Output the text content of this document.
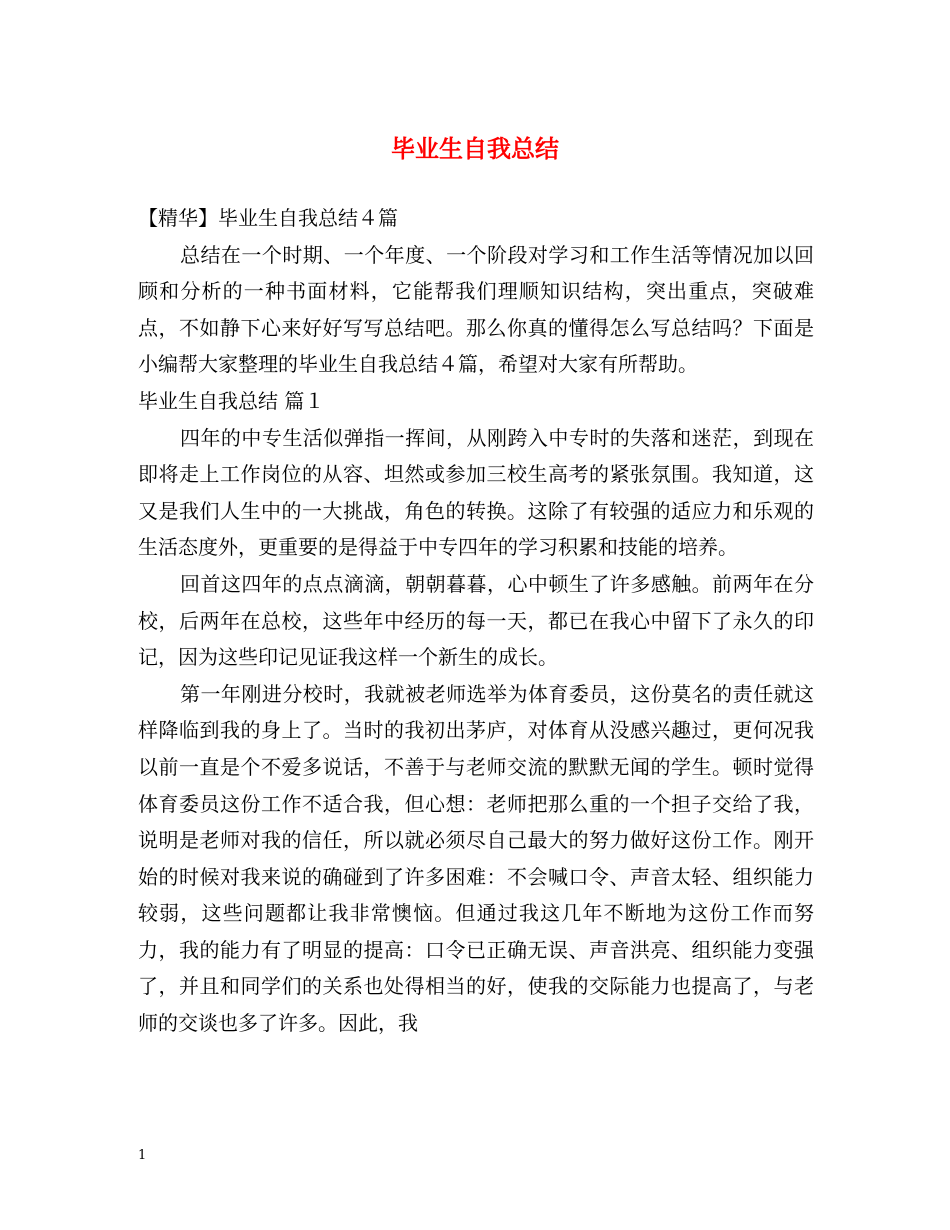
毕业生自我总结

【精华】毕业生自我总结４篇

总结在一个时期、一个年度、一个阶段对学习和工作生活等情况加以回顾和分析的一种书面材料，它能帮我们理顺知识结构，突出重点，突破难点，不如静下心来好好写写总结吧。那么你真的懂得怎么写总结吗？下面是小编帮大家整理的毕业生自我总结４篇，希望对大家有所帮助。

毕业生自我总结 篇１

四年的中专生活似弹指一挥间，从刚跨入中专时的失落和迷茫，到现在即将走上工作岗位的从容、坦然或参加三校生高考的紧张氛围。我知道，这又是我们人生中的一大挑战，角色的转换。这除了有较强的适应力和乐观的生活态度外，更重要的是得益于中专四年的学习积累和技能的培养。

回首这四年的点点滴滴，朝朝暮暮，心中顿生了许多感触。前两年在分校，后两年在总校，这些年中经历的每一天，都已在我心中留下了永久的印记，因为这些印记见证我这样一个新生的成长。

第一年刚进分校时，我就被老师选举为体育委员，这份莫名的责任就这样降临到我的身上了。当时的我初出茅庐，对体育从没感兴趣过，更何况我以前一直是个不爱多说话，不善于与老师交流的默默无闻的学生。顿时觉得体育委员这份工作不适合我，但心想：老师把那么重的一个担子交给了我，说明是老师对我的信任，所以就必须尽自己最大的努力做好这份工作。刚开始的时候对我来说的确碰到了许多困难：不会喊口令、声音太轻、组织能力较弱，这些问题都让我非常懊恼。但通过我这几年不断地为这份工作而努力，我的能力有了明显的提高：口令已正确无误、声音洪亮、组织能力变强了，并且和同学们的关系也处得相当的好，使我的交际能力也提高了，与老师的交谈也多了许多。因此，我

1
